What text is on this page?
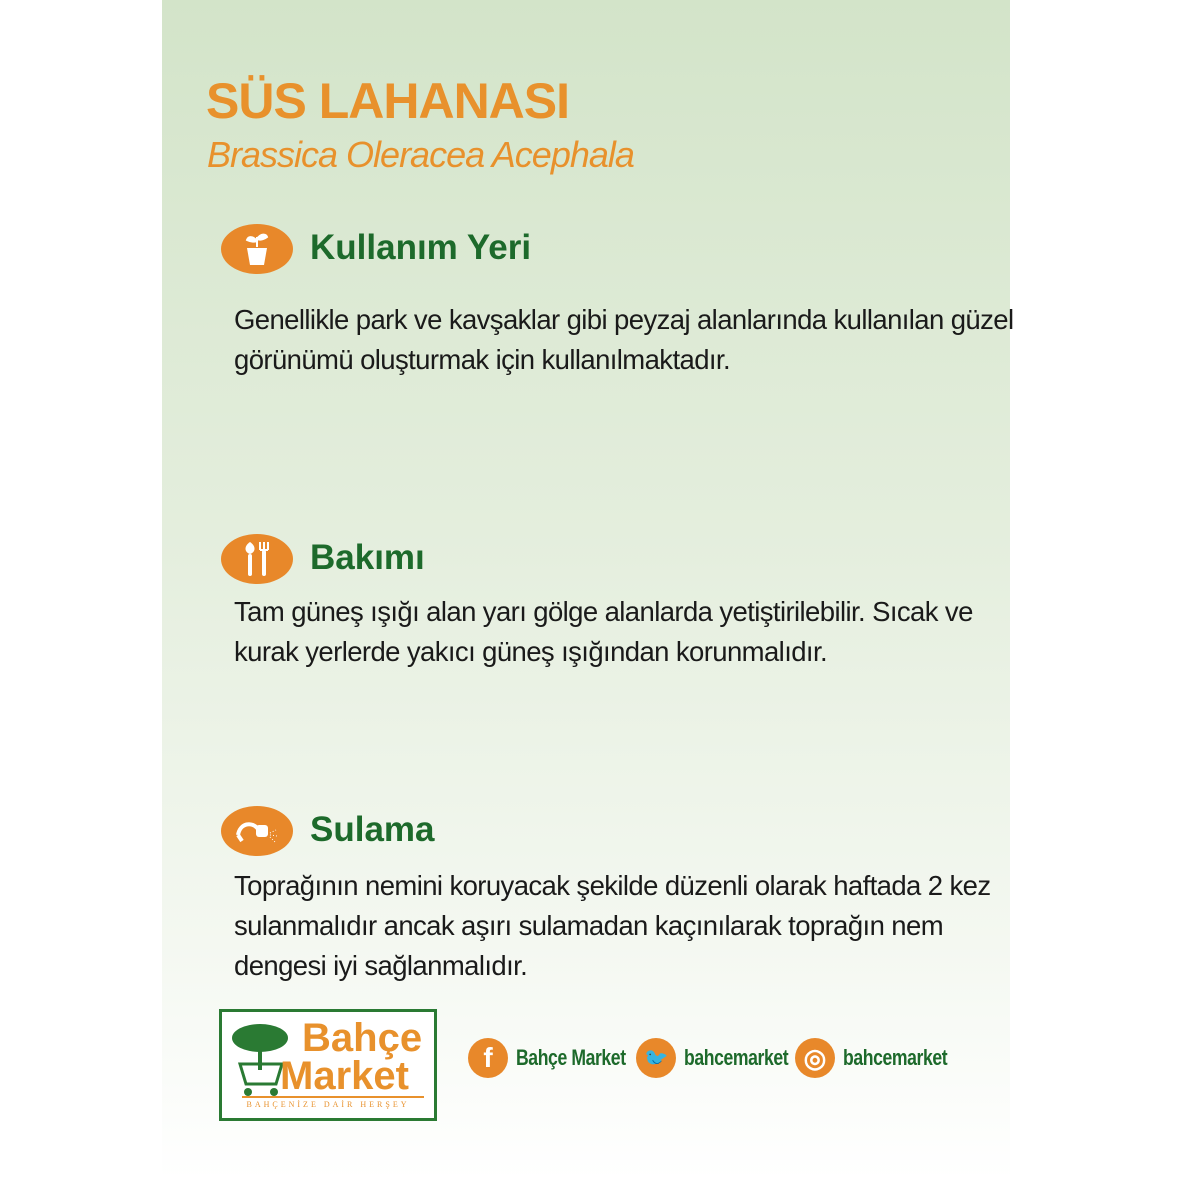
SÜS LAHANASI
Brassica Oleracea Acephala
Kullanım Yeri
Genellikle park ve kavşaklar gibi peyzaj alanlarında kullanılan güzel görünümü oluşturmak için kullanılmaktadır.
Bakımı
Tam güneş ışığı alan yarı gölge alanlarda yetiştirilebilir. Sıcak ve kurak yerlerde yakıcı güneş ışığından korunmalıdır.
Sulama
Toprağının nemini koruyacak şekilde düzenli olarak haftada 2 kez sulanmalıdır ancak aşırı sulamadan kaçınılarak toprağın nem dengesi iyi sağlanmalıdır.
Bahçe
Market
BAHÇENİZE DAİR HERŞEY
f	Bahçe Market 🐦 bahcemarket ◎ bahcemarket
